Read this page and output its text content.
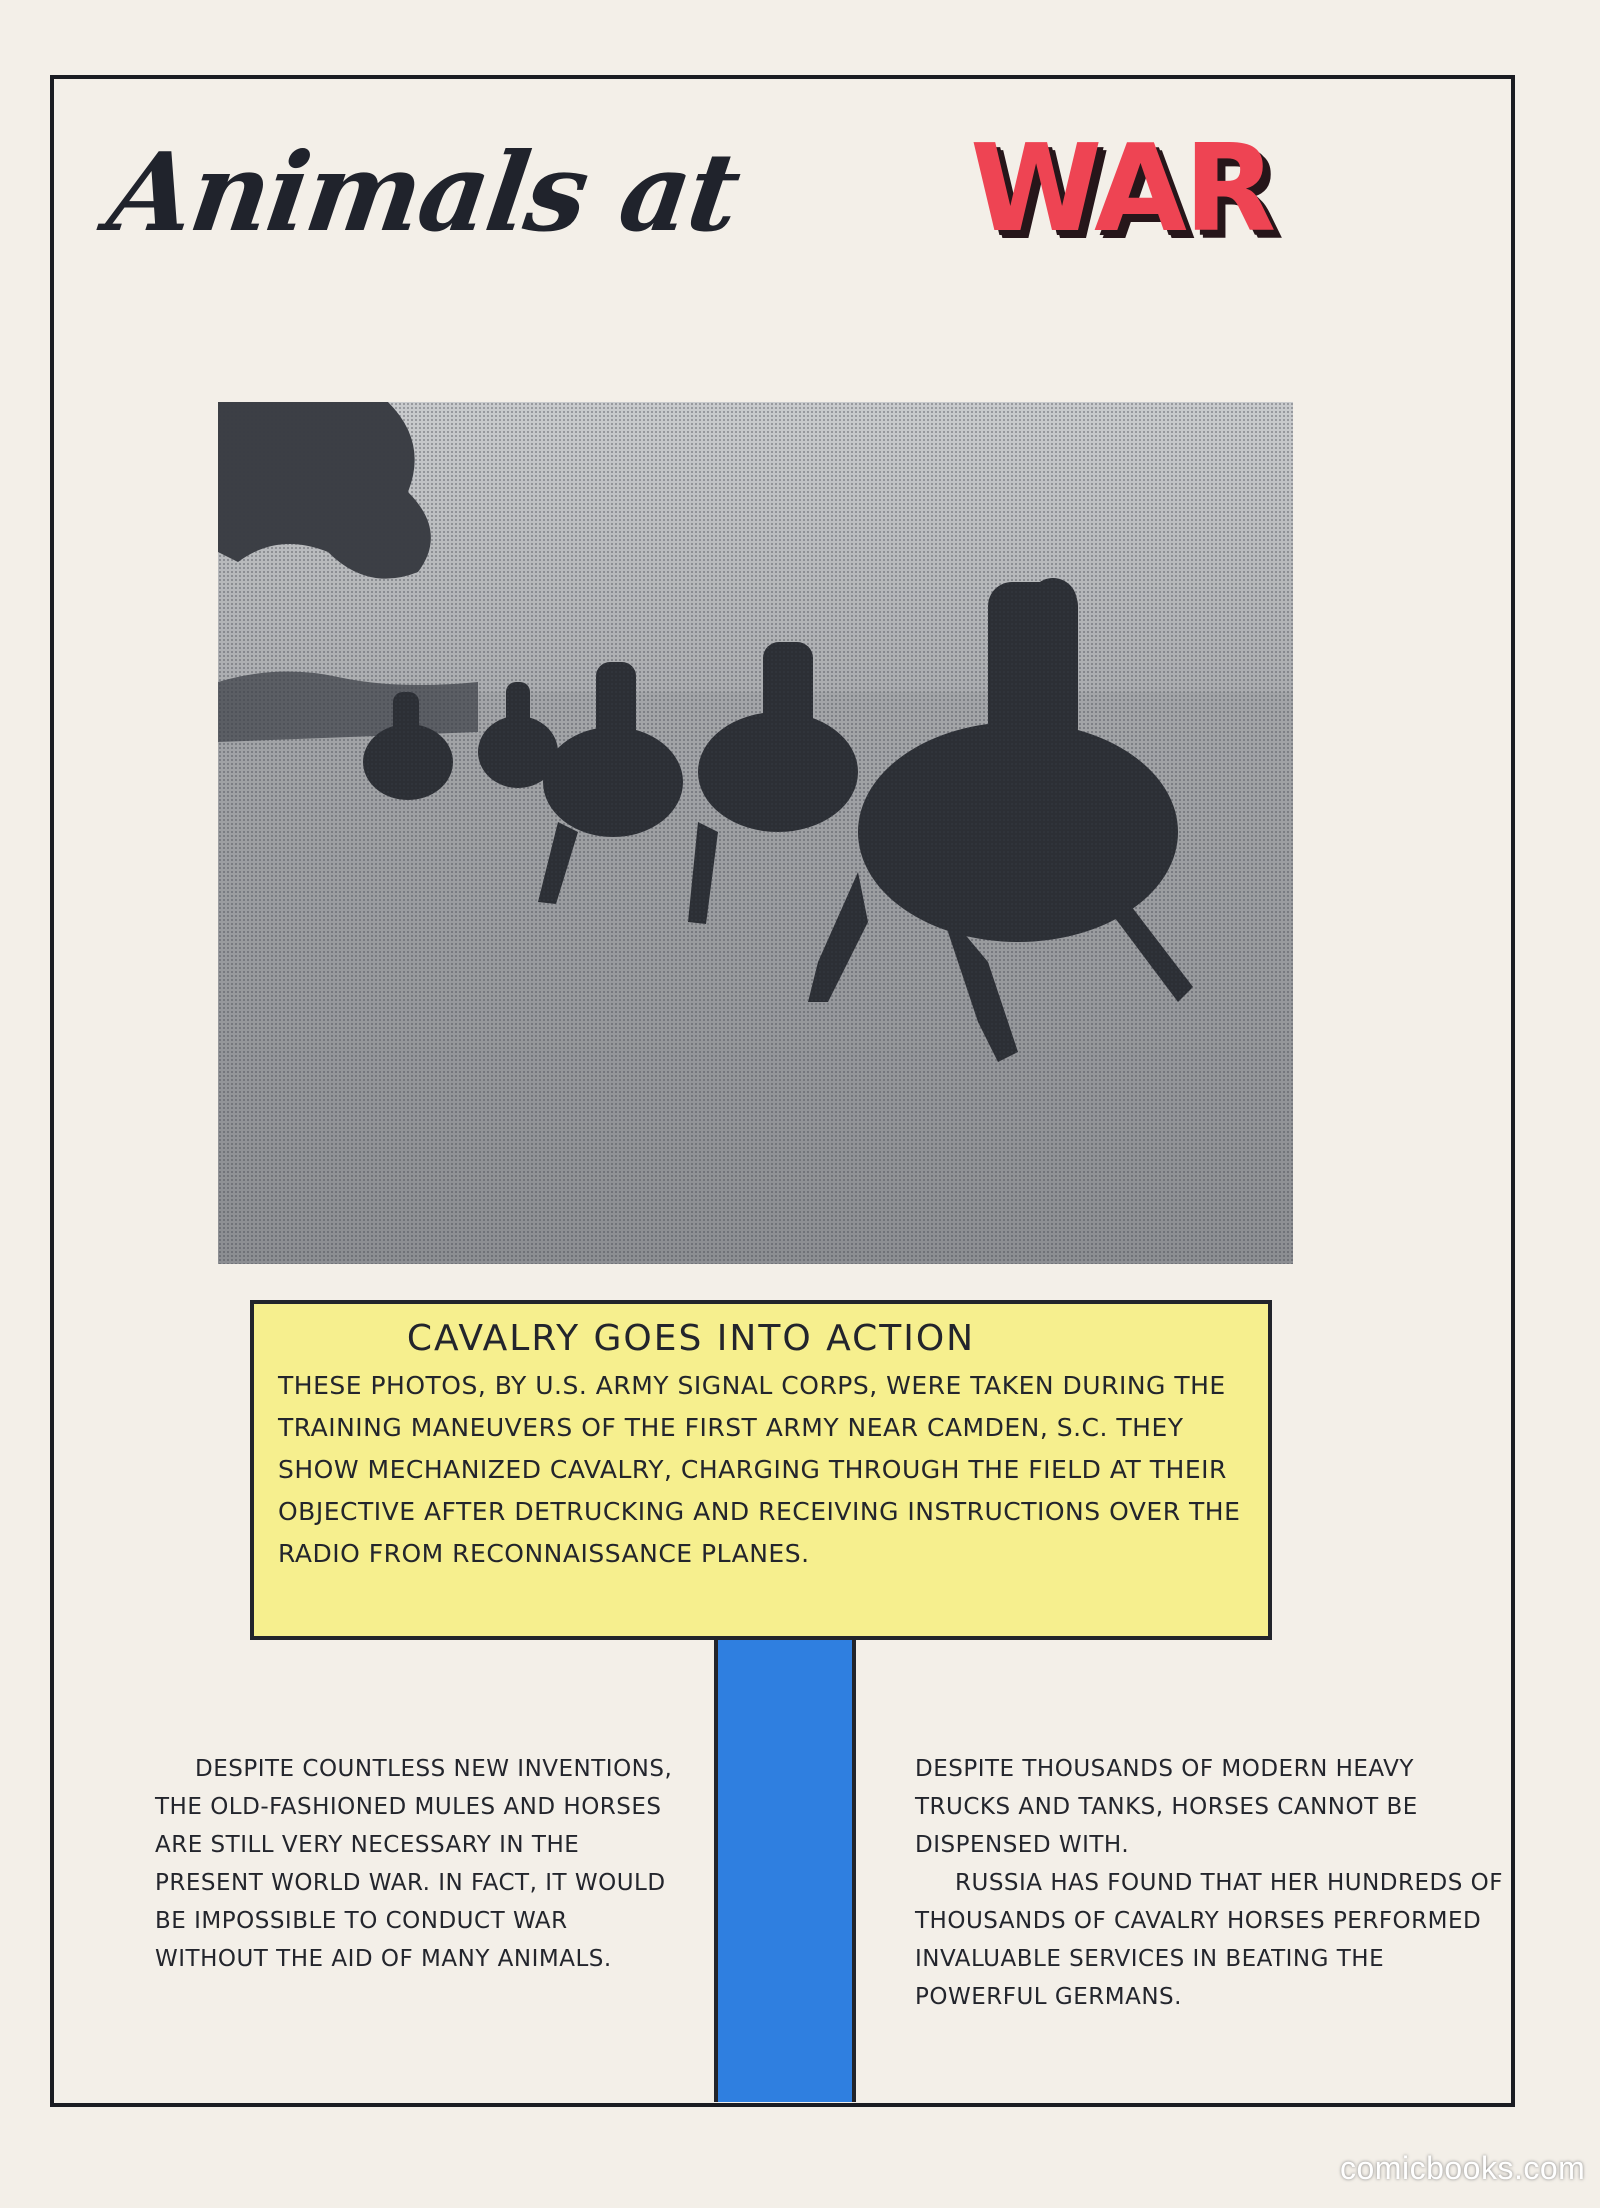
Animals at WAR

CAVALRY GOES INTO ACTION

THESE PHOTOS, BY U.S. ARMY SIGNAL CORPS, WERE TAKEN DURING THE TRAINING MANEUVERS OF THE FIRST ARMY NEAR CAMDEN, S.C. THEY SHOW MECHANIZED CAVALRY, CHARGING THROUGH THE FIELD AT THEIR OBJECTIVE AFTER DETRUCKING AND RECEIVING INSTRUCTIONS OVER THE RADIO FROM RECONNAISSANCE PLANES.

DESPITE COUNTLESS NEW INVENTIONS, THE OLD-FASHIONED MULES AND HORSES ARE STILL VERY NECESSARY IN THE PRESENT WORLD WAR. IN FACT, IT WOULD BE IMPOSSIBLE TO CONDUCT WAR WITHOUT THE AID OF MANY ANIMALS.

DESPITE THOUSANDS OF MODERN HEAVY TRUCKS AND TANKS, HORSES CANNOT BE DISPENSED WITH.

RUSSIA HAS FOUND THAT HER HUNDREDS OF THOUSANDS OF CAVALRY HORSES PERFORMED INVALUABLE SERVICES IN BEATING THE POWERFUL GERMANS.

comicbooks.com
